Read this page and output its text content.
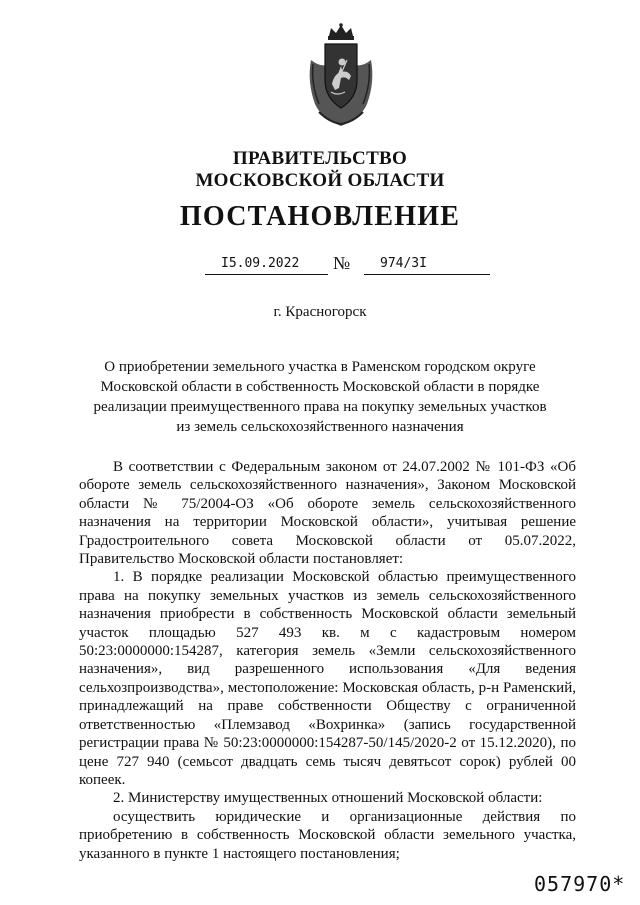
ПРАВИТЕЛЬСТВО
МОСКОВСКОЙ ОБЛАСТИ
ПОСТАНОВЛЕНИЕ
I5.09.2022 № 974/3I
г. Красногорск
О приобретении земельного участка в Раменском городском округе
Московской области в собственность Московской области в порядке
реализации преимущественного права на покупку земельных участков
из земель сельскохозяйственного назначения

В соответствии с Федеральным законом от 24.07.2002 № 101-ФЗ «Об обороте земель сельскохозяйственного назначения», Законом Московской области № 75/2004-ОЗ «Об обороте земель сельскохозяйственного назначения на территории Московской области», учитывая решение Градостроительного совета Московской области от 05.07.2022, Правительство Московской области постановляет:

1. В порядке реализации Московской областью преимущественного права на покупку земельных участков из земель сельскохозяйственного назначения приобрести в собственность Московской области земельный участок площадью 527 493 кв. м с кадастровым номером 50:23:0000000:154287, категория земель «Земли сельскохозяйственного назначения», вид разрешенного использования «Для ведения сельхозпроизводства», местоположение: Московская область, р-н Раменский, принадлежащий на праве собственности Обществу с ограниченной ответственностью «Племзавод «Вохринка» (запись государственной регистрации права № 50:23:0000000:154287-50/145/2020-2 от 15.12.2020), по цене 727 940 (семьсот двадцать семь тысяч девятьсот сорок) рублей 00 копеек.

2. Министерству имущественных отношений Московской области:

осуществить юридические и организационные действия по приобретению в собственность Московской области земельного участка, указанного в пункте 1 настоящего постановления;

057970*
